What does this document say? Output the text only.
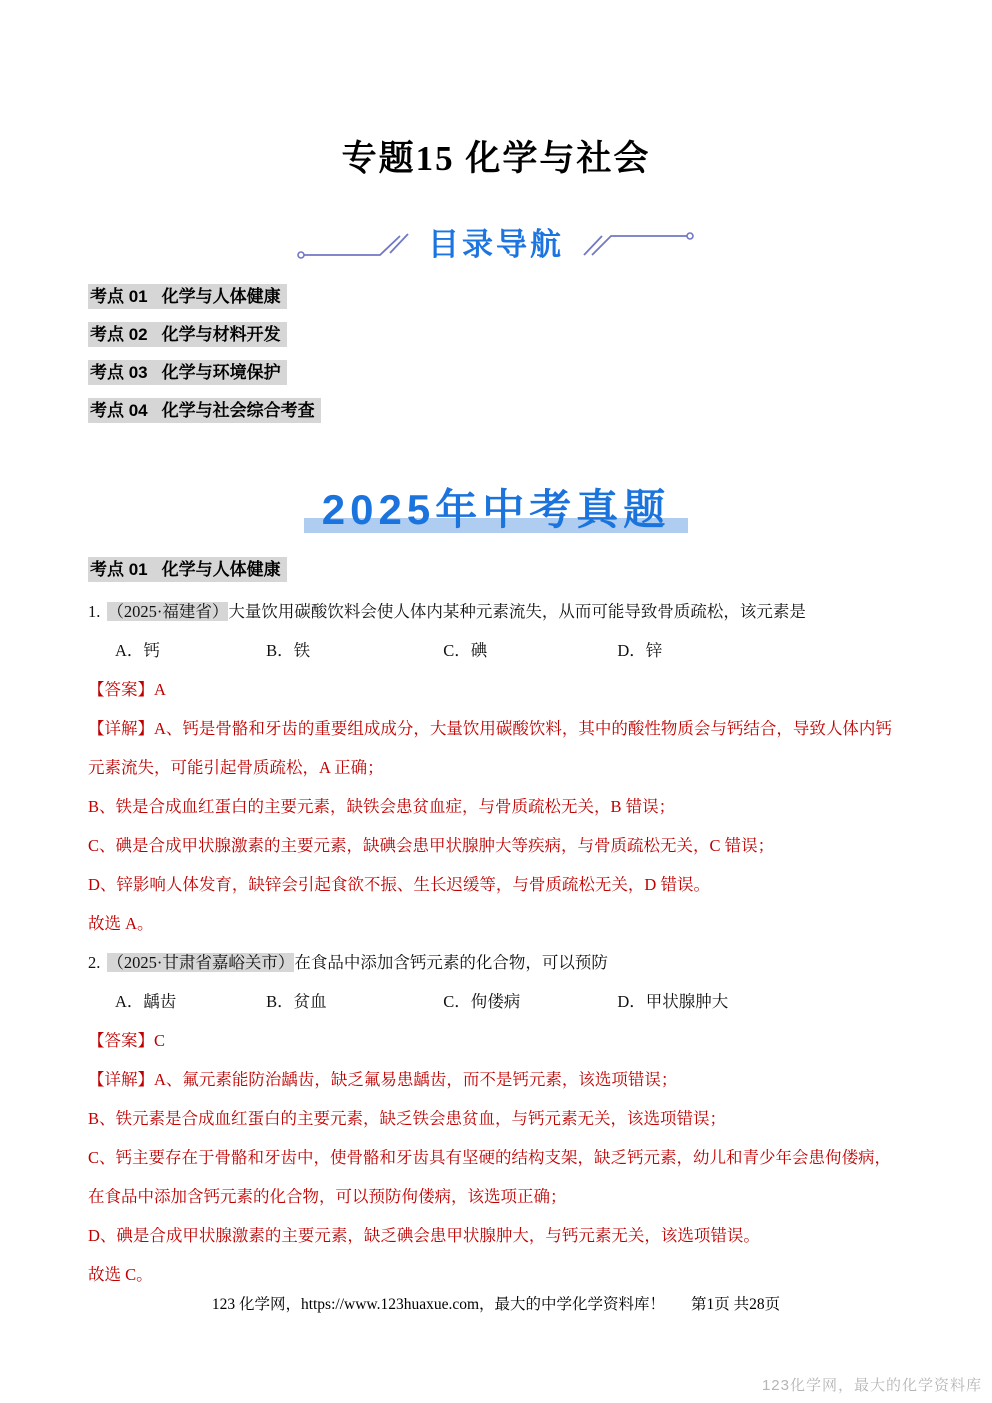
专题15 化学与社会
目录导航
考点 01 化学与人体健康
考点 02 化学与材料开发
考点 03 化学与环境保护
考点 04 化学与社会综合考查
2025年中考真题
考点 01 化学与人体健康

1. （2025·福建省）大量饮用碳酸饮料会使人体内某种元素流失，从而可能导致骨质疏松，该元素是

A．钙	B．铁	C．碘	D．锌

【答案】A

【详解】A、钙是骨骼和牙齿的重要组成成分，大量饮用碳酸饮料，其中的酸性物质会与钙结合，导致人体内钙元素流失，可能引起骨质疏松，A 正确；

B、铁是合成血红蛋白的主要元素，缺铁会患贫血症，与骨质疏松无关，B 错误；

C、碘是合成甲状腺激素的主要元素，缺碘会患甲状腺肿大等疾病，与骨质疏松无关，C 错误；

D、锌影响人体发育，缺锌会引起食欲不振、生长迟缓等，与骨质疏松无关，D 错误。

故选 A。

2. （2025·甘肃省嘉峪关市）在食品中添加含钙元素的化合物，可以预防

A．龋齿	B．贫血	C．佝偻病	D．甲状腺肿大

【答案】C

【详解】A、氟元素能防治龋齿，缺乏氟易患龋齿，而不是钙元素，该选项错误；

B、铁元素是合成血红蛋白的主要元素，缺乏铁会患贫血，与钙元素无关，该选项错误；

C、钙主要存在于骨骼和牙齿中，使骨骼和牙齿具有坚硬的结构支架，缺乏钙元素，幼儿和青少年会患佝偻病，在食品中添加含钙元素的化合物，可以预防佝偻病，该选项正确；

D、碘是合成甲状腺激素的主要元素，缺乏碘会患甲状腺肿大，与钙元素无关，该选项错误。

故选 C。

123 化学网，https://www.123huaxue.com，最大的中学化学资料库！ 第1页 共28页
123化学网，最大的化学资料库
